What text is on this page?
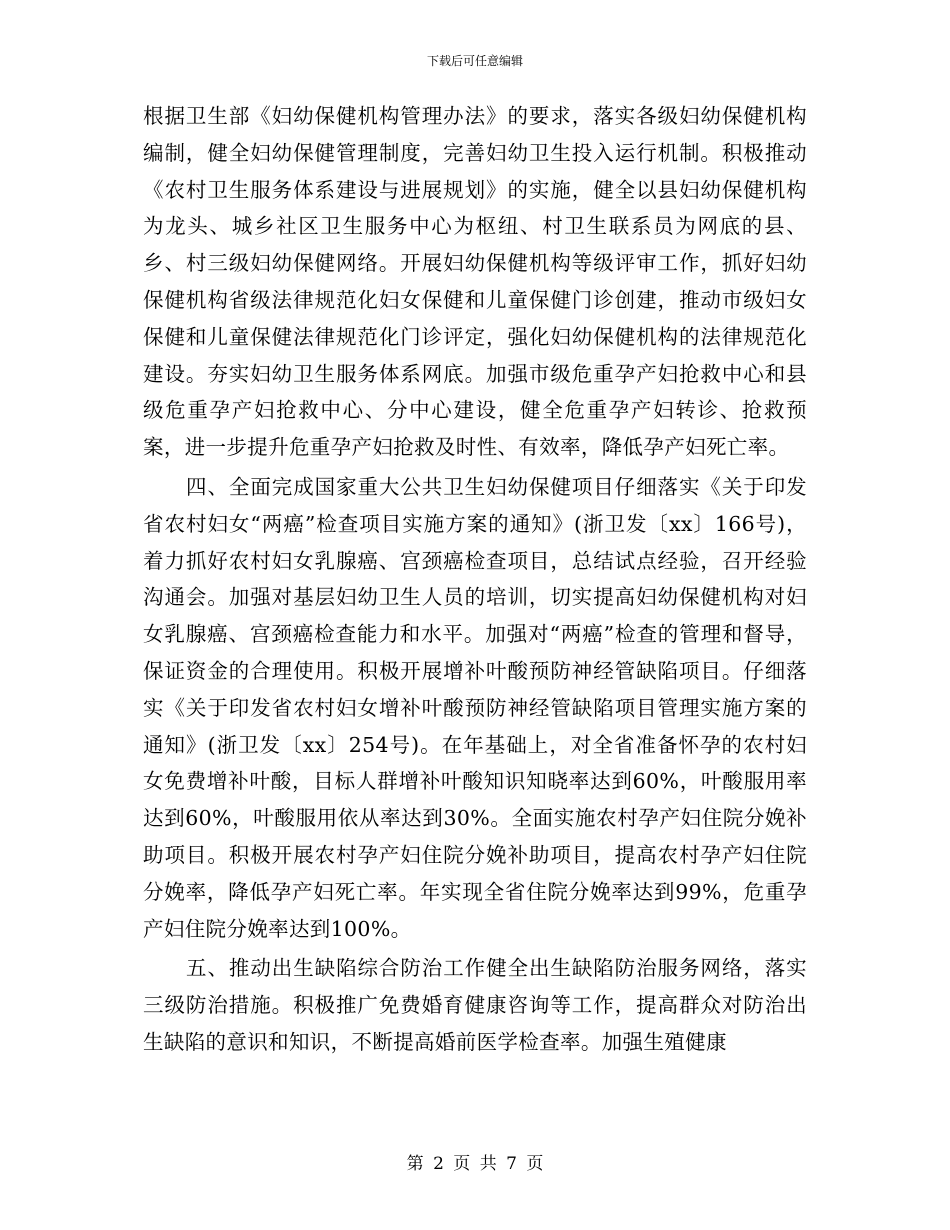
下载后可任意编辑

根据卫生部《妇幼保健机构管理办法》的要求，落实各级妇幼保健机构编制，健全妇幼保健管理制度，完善妇幼卫生投入运行机制。积极推动《农村卫生服务体系建设与进展规划》的实施，健全以县妇幼保健机构为龙头、城乡社区卫生服务中心为枢纽、村卫生联系员为网底的县、乡、村三级妇幼保健网络。开展妇幼保健机构等级评审工作，抓好妇幼保健机构省级法律规范化妇女保健和儿童保健门诊创建，推动市级妇女保健和儿童保健法律规范化门诊评定，强化妇幼保健机构的法律规范化建设。夯实妇幼卫生服务体系网底。加强市级危重孕产妇抢救中心和县级危重孕产妇抢救中心、分中心建设，健全危重孕产妇转诊、抢救预案，进一步提升危重孕产妇抢救及时性、有效率，降低孕产妇死亡率。

四、全面完成国家重大公共卫生妇幼保健项目仔细落实《关于印发省农村妇女“两癌”检查项目实施方案的通知》(浙卫发〔xx〕166号)，着力抓好农村妇女乳腺癌、宫颈癌检查项目，总结试点经验，召开经验沟通会。加强对基层妇幼卫生人员的培训，切实提高妇幼保健机构对妇女乳腺癌、宫颈癌检查能力和水平。加强对“两癌”检查的管理和督导，保证资金的合理使用。积极开展增补叶酸预防神经管缺陷项目。仔细落实《关于印发省农村妇女增补叶酸预防神经管缺陷项目管理实施方案的通知》(浙卫发〔xx〕254号)。在年基础上，对全省准备怀孕的农村妇女免费增补叶酸，目标人群增补叶酸知识知晓率达到60%，叶酸服用率达到60%，叶酸服用依从率达到30%。全面实施农村孕产妇住院分娩补助项目。积极开展农村孕产妇住院分娩补助项目，提高农村孕产妇住院分娩率，降低孕产妇死亡率。年实现全省住院分娩率达到99%，危重孕产妇住院分娩率达到100%。

五、推动出生缺陷综合防治工作健全出生缺陷防治服务网络，落实三级防治措施。积极推广免费婚育健康咨询等工作，提高群众对防治出生缺陷的意识和知识，不断提高婚前医学检查率。加强生殖健康

第 2 页 共 7 页
